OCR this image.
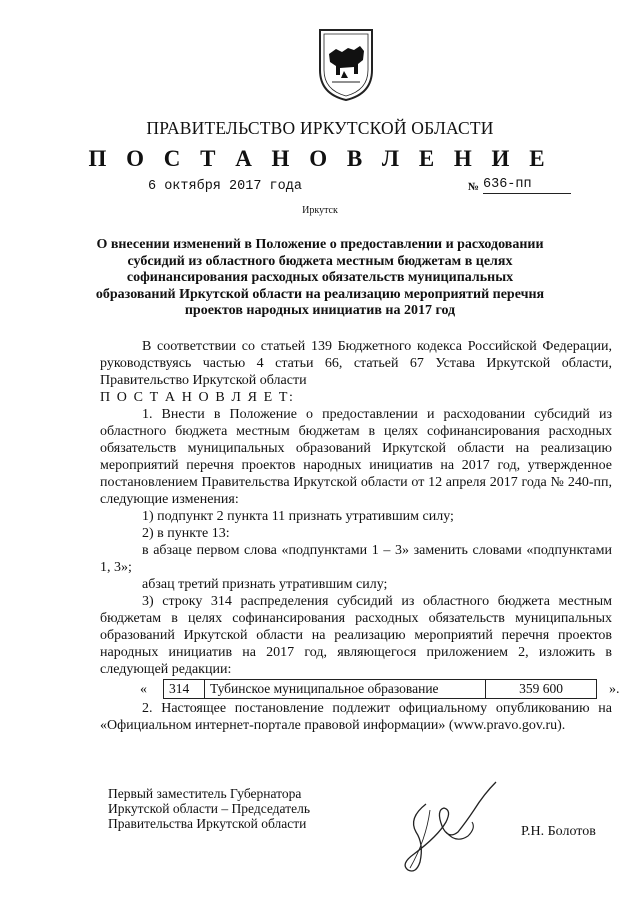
ПРАВИТЕЛЬСТВО ИРКУТСКОЙ ОБЛАСТИ
П О С Т А Н О В Л Е Н И Е
6 октября 2017 года	№ 636-пп
Иркутск
О внесении изменений в Положение о предоставлении и расходовании субсидий из областного бюджета местным бюджетам в целях софинансирования расходных обязательств муниципальных образований Иркутской области на реализацию мероприятий перечня проектов народных инициатив на 2017 год

В соответствии со статьей 139 Бюджетного кодекса Российской Федерации, руководствуясь частью 4 статьи 66, статьей 67 Устава Иркутской области, Правительство Иркутской области

П О С Т А Н О В Л Я Е Т:

1. Внести в Положение о предоставлении и расходовании субсидий из областного бюджета местным бюджетам в целях софинансирования расходных обязательств муниципальных образований Иркутской области на реализацию мероприятий перечня проектов народных инициатив на 2017 год, утвержденное постановлением Правительства Иркутской области от 12 апреля 2017 года № 240-пп, следующие изменения:

1) подпункт 2 пункта 11 признать утратившим силу;

2) в пункте 13:

в абзаце первом слова «подпунктами 1 – 3» заменить словами «подпунктами 1, 3»;

абзац третий признать утратившим силу;

3) строку 314 распределения субсидий из областного бюджета местным бюджетам в целях софинансирования расходных обязательств муниципальных образований Иркутской области на реализацию мероприятий перечня проектов народных инициатив на 2017 год, являющегося приложением 2, изложить в следующей редакции:

«	314	Тубинское муниципальное образование	359 600	».

2. Настоящее постановление подлежит официальному опубликованию на «Официальном интернет-портале правовой информации» (www.pravo.gov.ru).

Первый заместитель Губернатора
Иркутской области – Председатель
Правительства Иркутской области
Р.Н. Болотов
